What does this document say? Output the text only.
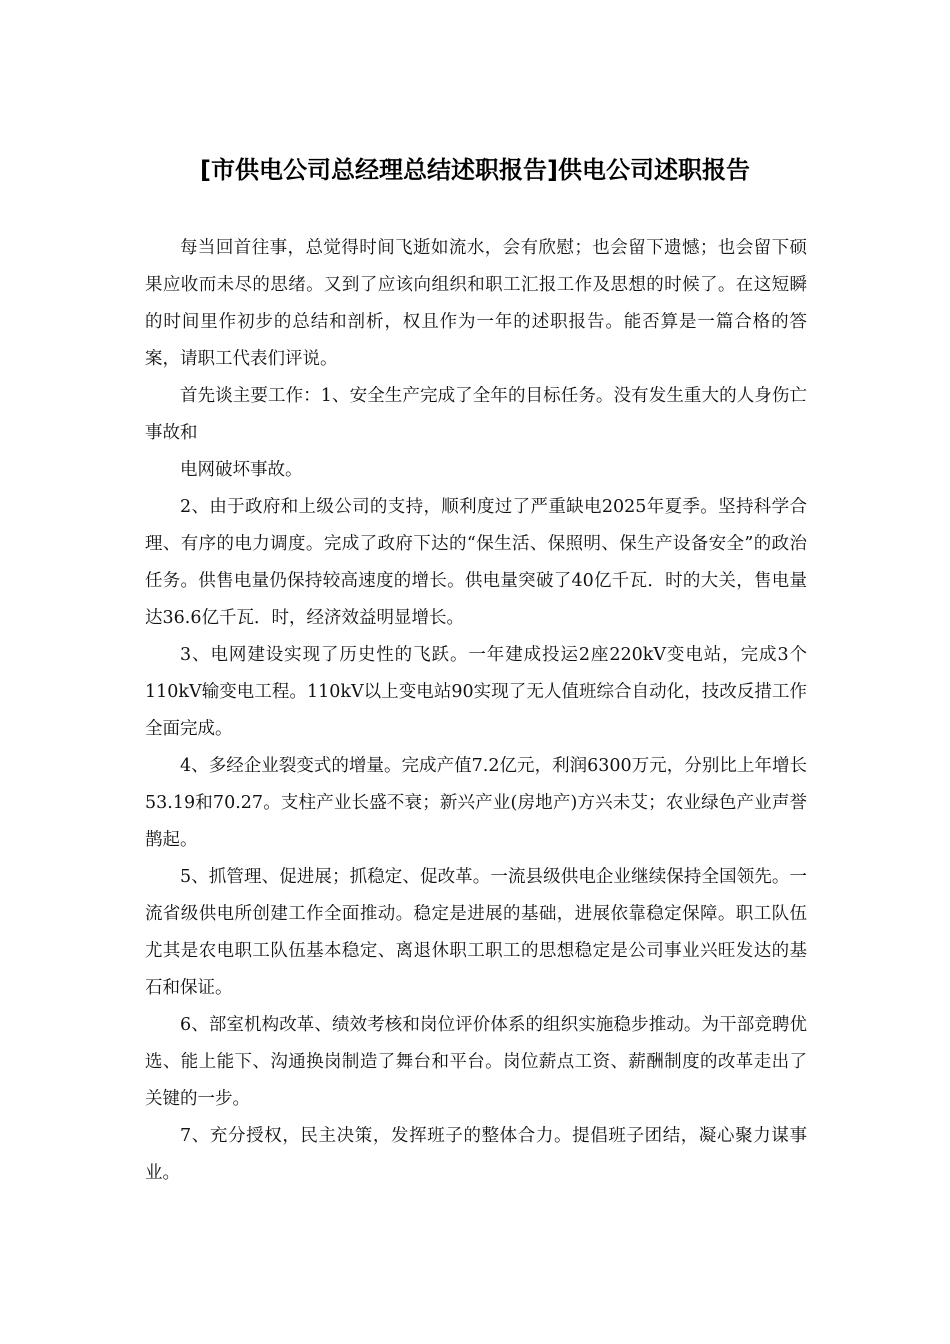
[市供电公司总经理总结述职报告]供电公司述职报告

每当回首往事，总觉得时间飞逝如流水，会有欣慰；也会留下遗憾；也会留下硕果应收而未尽的思绪。又到了应该向组织和职工汇报工作及思想的时候了。在这短瞬的时间里作初步的总结和剖析，权且作为一年的述职报告。能否算是一篇合格的答案，请职工代表们评说。

首先谈主要工作：1、安全生产完成了全年的目标任务。没有发生重大的人身伤亡事故和

电网破坏事故。

2、由于政府和上级公司的支持，顺利度过了严重缺电2025年夏季。坚持科学合理、有序的电力调度。完成了政府下达的“保生活、保照明、保生产设备安全”的政治任务。供售电量仍保持较高速度的增长。供电量突破了40亿千瓦．时的大关，售电量达36.6亿千瓦．时，经济效益明显增长。

3、电网建设实现了历史性的飞跃。一年建成投运2座220kV变电站，完成3个110kV输变电工程。110kV以上变电站90实现了无人值班综合自动化，技改反措工作全面完成。

4、多经企业裂变式的增量。完成产值7.2亿元，利润6300万元，分别比上年增长53.19和70.27。支柱产业长盛不衰；新兴产业(房地产)方兴未艾；农业绿色产业声誉鹊起。

5、抓管理、促进展；抓稳定、促改革。一流县级供电企业继续保持全国领先。一流省级供电所创建工作全面推动。稳定是进展的基础，进展依靠稳定保障。职工队伍尤其是农电职工队伍基本稳定、离退休职工职工的思想稳定是公司事业兴旺发达的基石和保证。

6、部室机构改革、绩效考核和岗位评价体系的组织实施稳步推动。为干部竞聘优选、能上能下、沟通换岗制造了舞台和平台。岗位薪点工资、薪酬制度的改革走出了关键的一步。

7、充分授权，民主决策，发挥班子的整体合力。提倡班子团结，凝心聚力谋事业。
